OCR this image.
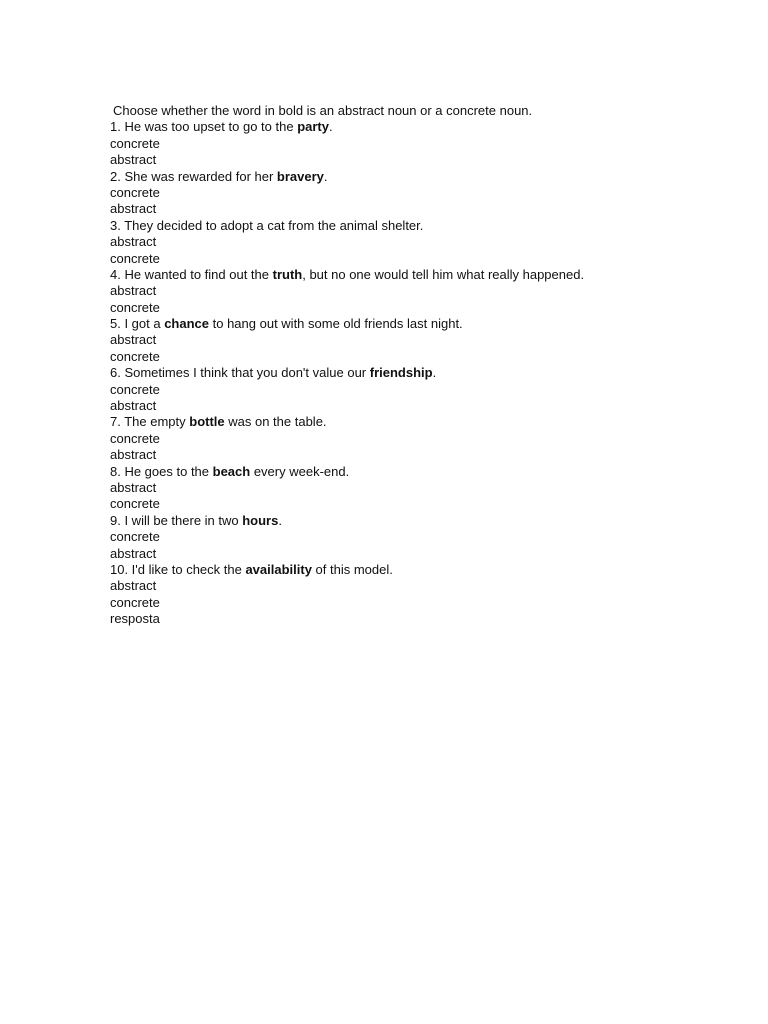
Choose whether the word in bold is an abstract noun or a concrete noun.
1. He was too upset to go to the party.
concrete
abstract
2. She was rewarded for her bravery.
concrete
abstract
3. They decided to adopt a cat from the animal shelter.
abstract
concrete
4. He wanted to find out the truth, but no one would tell him what really happened.
abstract
concrete
5. I got a chance to hang out with some old friends last night.
abstract
concrete
6. Sometimes I think that you don't value our friendship.
concrete
abstract
7. The empty bottle was on the table.
concrete
abstract
8. He goes to the beach every week-end.
abstract
concrete
9. I will be there in two hours.
concrete
abstract
10. I'd like to check the availability of this model.
abstract
concrete
resposta
